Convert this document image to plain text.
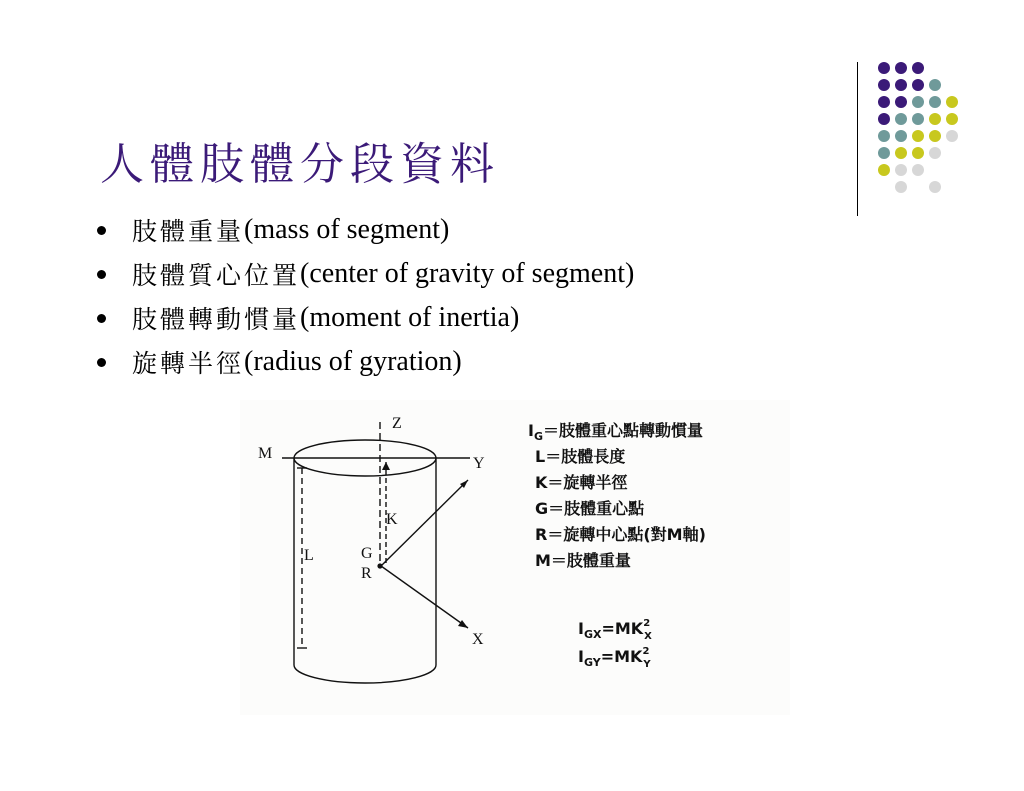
人體肢體分段資料
肢體重量 (mass of segment)
肢體質心位置 (center of gravity of segment)
肢體轉動慣量 (moment of inertia)
旋轉半徑 (radius of gyration)
Z
M
Y
K
L	G
R
X
$I_G=$肢體重心點轉動慣量
L＝肢體長度
K＝旋轉半徑
G＝肢體重心點
R＝旋轉中心點(對M軸)
M＝肢體重量
$I_{GX}=MK^2$ X
$I_{GY}=MK^2$ Y
